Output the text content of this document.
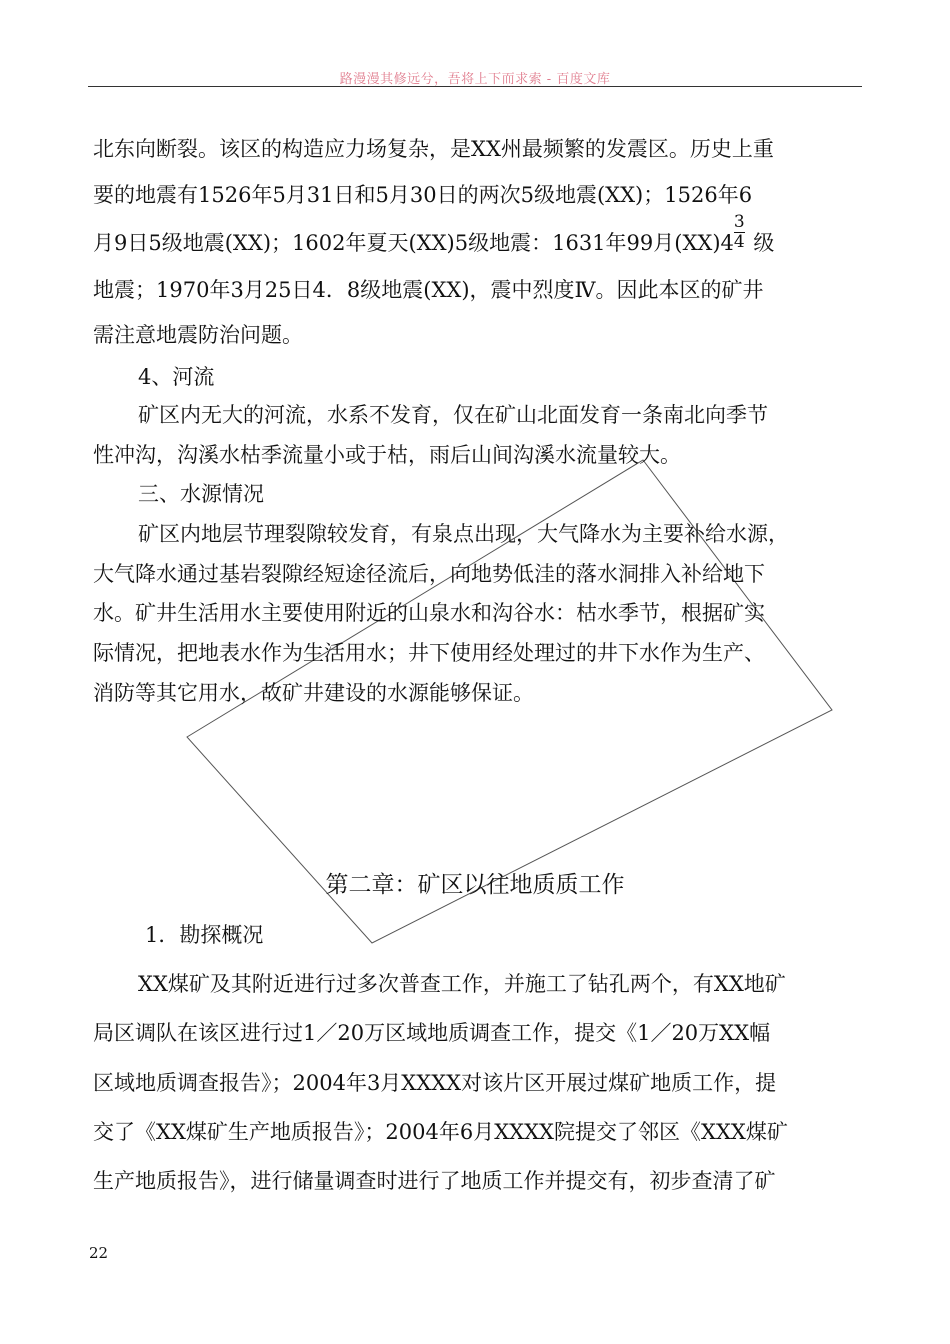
路漫漫其修远兮，吾将上下而求索 - 百度文库
北东向断裂。该区的构造应力场复杂，是XX州最频繁的发震区。历史上重
要的地震有1526年5月31日和5月30日的两次5级地震(XX)；1526年6
月9日5级地震(XX)；1602年夏天(XX)5级地震：1631年99月$(XX)4 \frac{3}{4}$ 级
地震；1970年3月25日4．8级地震(XX)，震中烈度Ⅳ。因此本区的矿井
需注意地震防治问题。
4、河流
矿区内无大的河流，水系不发育，仅在矿山北面发育一条南北向季节
性冲沟，沟溪水枯季流量小或于枯，雨后山间沟溪水流量较大。
三、水源情况
矿区内地层节理裂隙较发育，有泉点出现，大气降水为主要补给水源，
大气降水通过基岩裂隙经短途径流后，向地势低洼的落水洞排入补给地下
水。矿井生活用水主要使用附近的山泉水和沟谷水：枯水季节，根据矿实
际情况，把地表水作为生活用水；井下使用经处理过的井下水作为生产、
消防等其它用水，故矿井建设的水源能够保证。
第二章：矿区以往地质质工作
1．勘探概况
XX煤矿及其附近进行过多次普查工作，并施工了钻孔两个，有XX地矿
局区调队在该区进行过1／20万区域地质调查工作，提交《1／20万XX幅
区域地质调查报告》；2004年3月XXXX对该片区开展过煤矿地质工作，提
交了《XX煤矿生产地质报告》；2004年6月XXXX院提交了邻区《XXX煤矿
生产地质报告》，进行储量调查时进行了地质工作并提交有，初步查清了矿
22
